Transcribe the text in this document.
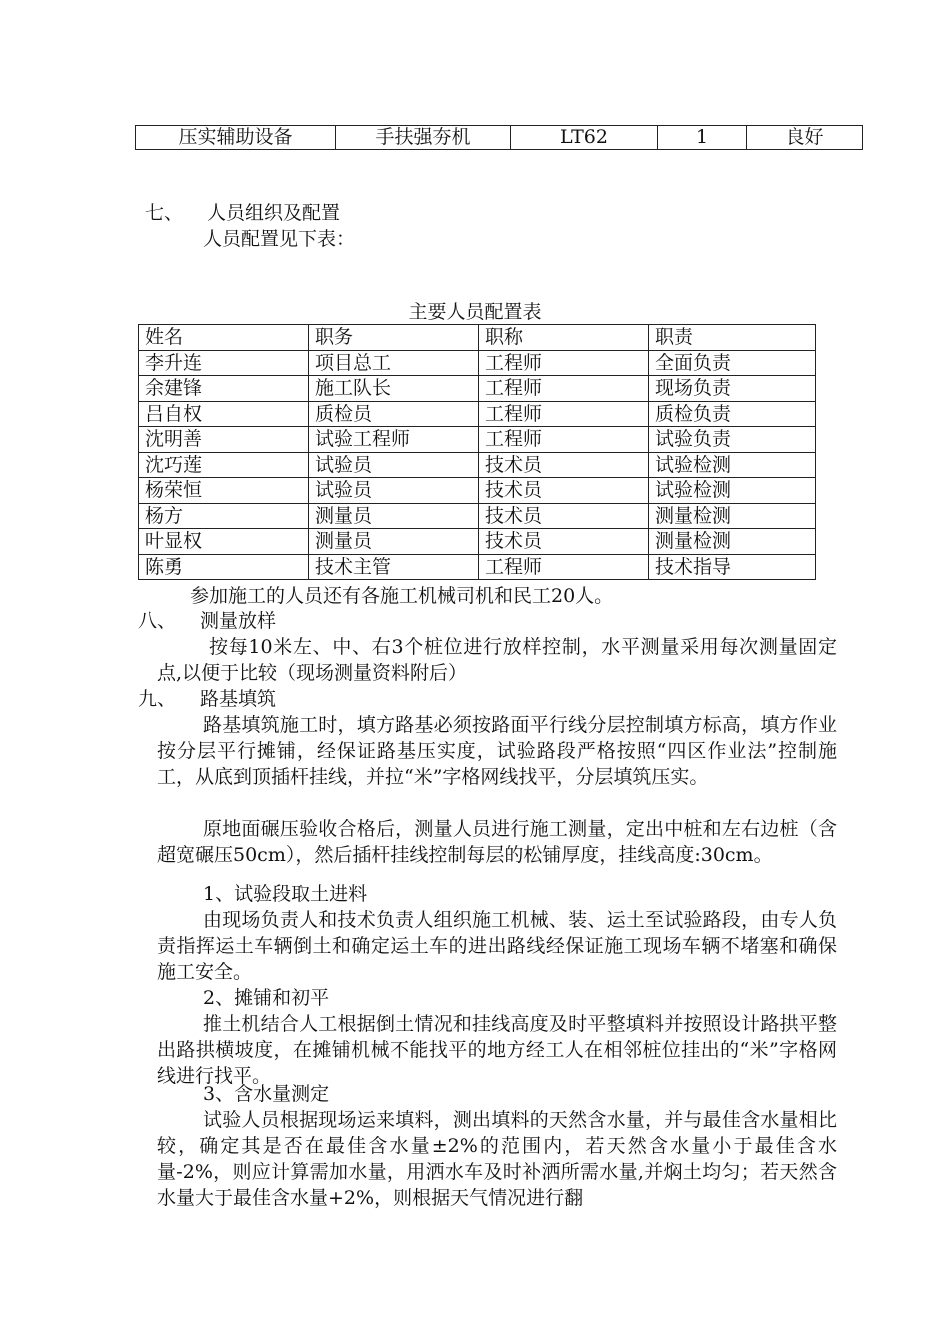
压实辅助设备	手扶强夯机	LT62	1	良好
七、 人员组织及配置
人员配置见下表：
主要人员配置表
姓名	职务	职称	职责
李升连	项目总工	工程师	全面负责
余建锋	施工队长	工程师	现场负责
吕自权	质检员	工程师	质检负责
沈明善	试验工程师	工程师	试验负责
沈巧莲	试验员	技术员	试验检测
杨荣恒	试验员	技术员	试验检测
杨方	测量员	技术员	测量检测
叶显权	测量员	技术员	测量检测
陈勇	技术主管	工程师	技术指导
参加施工的人员还有各施工机械司机和民工20人。
八、 测量放样
按每10米左、中、右3个桩位进行放样控制，水平测量采用每次测量固定点,以便于比较（现场测量资料附后）
九、 路基填筑
路基填筑施工时，填方路基必须按路面平行线分层控制填方标高，填方作业按分层平行摊铺，经保证路基压实度，试验路段严格按照“四区作业法”控制施工，从底到顶插杆挂线，并拉“米”字格网线找平，分层填筑压实。
原地面碾压验收合格后，测量人员进行施工测量，定出中桩和左右边桩（含超宽碾压50cm），然后插杆挂线控制每层的松铺厚度，挂线高度:30cm。
1、试验段取土进料
由现场负责人和技术负责人组织施工机械、装、运土至试验路段，由专人负责指挥运土车辆倒土和确定运土车的进出路线经保证施工现场车辆不堵塞和确保施工安全。
2、摊铺和初平
推土机结合人工根据倒土情况和挂线高度及时平整填料并按照设计路拱平整出路拱横坡度，在摊铺机械不能找平的地方经工人在相邻桩位挂出的“米”字格网线进行找平。
3、含水量测定
试验人员根据现场运来填料，测出填料的天然含水量，并与最佳含水量相比较，确定其是否在最佳含水量±2%的范围内，若天然含水量小于最佳含水量-2%，则应计算需加水量，用洒水车及时补洒所需水量,并焖土均匀；若天然含水量大于最佳含水量+2%，则根据天气情况进行翻
